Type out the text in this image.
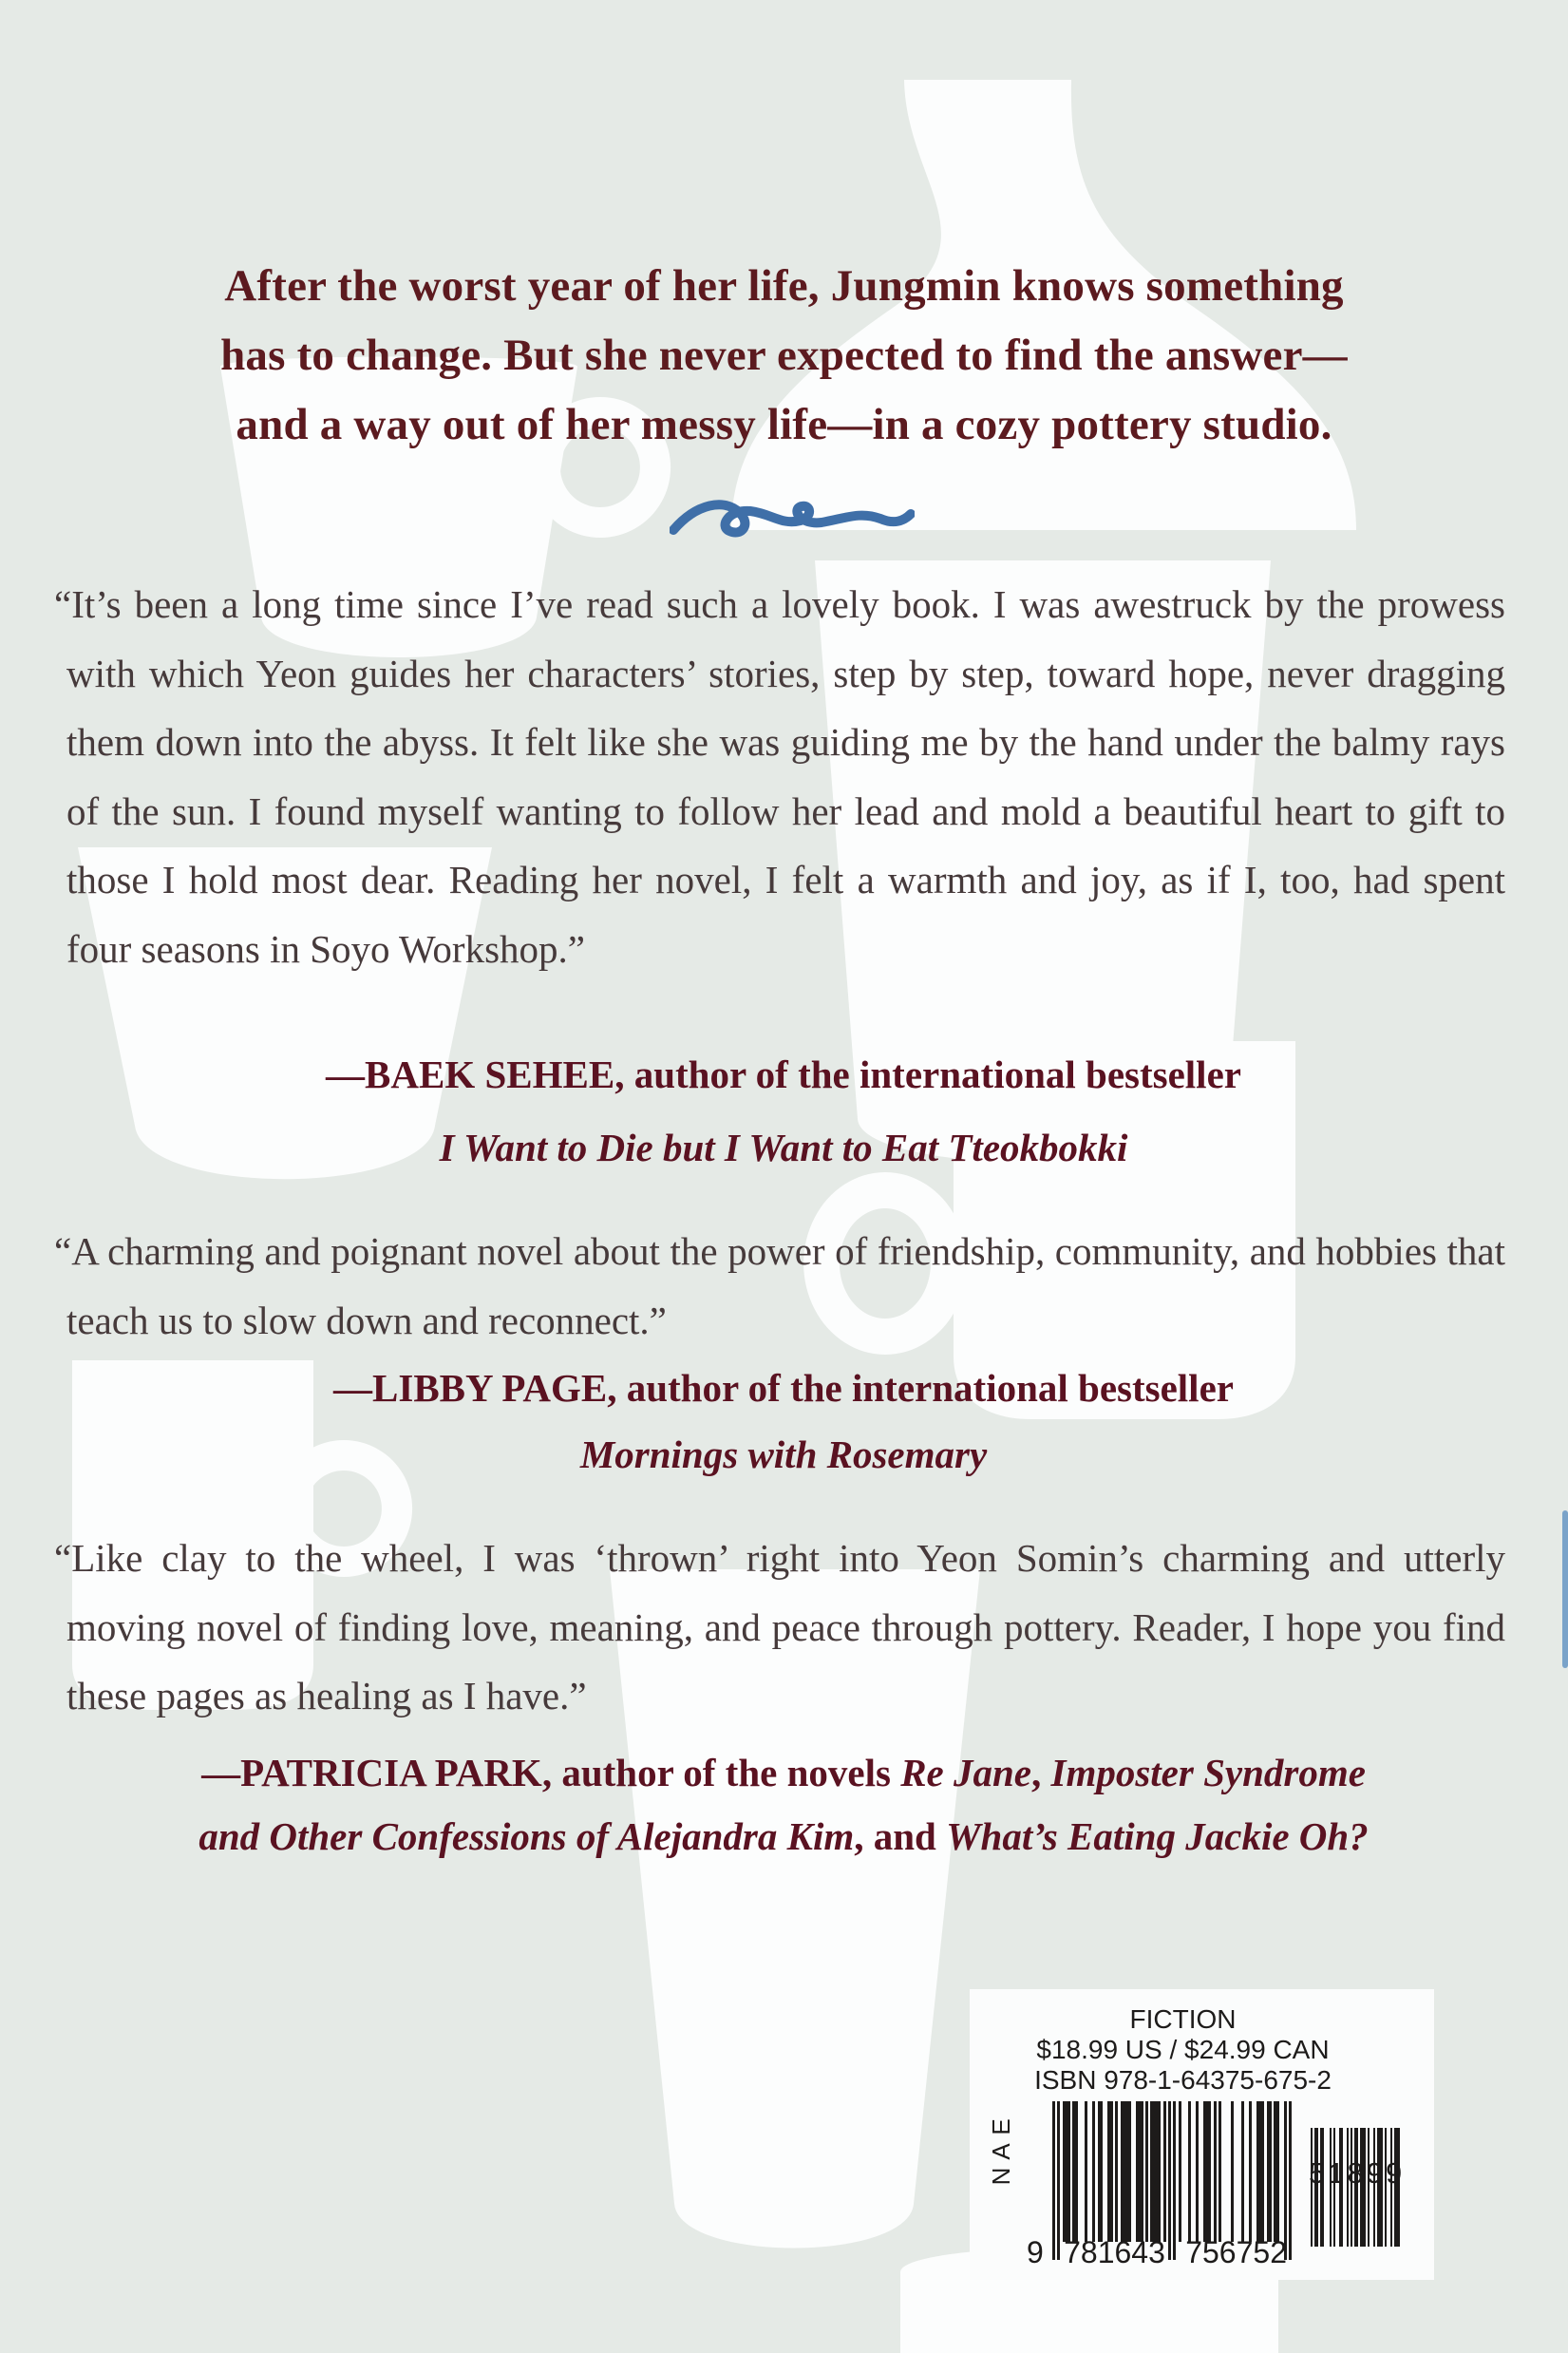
After the worst year of her life, Jungmin knows something
has to change. But she never expected to find the answer—
and a way out of her messy life—in a cozy pottery studio.

“It’s been a long time since I’ve read such a lovely book. I was awestruck by the prowess with which Yeon guides her characters’ stories, step by step, toward hope, never dragging them down into the abyss. It felt like she was guiding me by the hand under the balmy rays of the sun. I found myself wanting to follow her lead and mold a beautiful heart to gift to those I hold most dear. Reading her novel, I felt a warmth and joy, as if I, too, had spent four seasons in Soyo Workshop.”

—BAEK SEHEE, author of the international bestseller
I Want to Die but I Want to Eat Tteokbokki

“A charming and poignant novel about the power of friendship, community, and hobbies that teach us to slow down and reconnect.”

—LIBBY PAGE, author of the international bestseller
Mornings with Rosemary

“Like clay to the wheel, I was ‘thrown’ right into Yeon Somin’s charming and utterly moving novel of finding love, meaning, and peace through pottery. Reader, I hope you find these pages as healing as I have.”

—PATRICIA PARK, author of the novels Re Jane, Imposter Syndrome
and Other Confessions of Alejandra Kim, and What’s Eating Jackie Oh?
FICTION
$18.99 US / $24.99 CAN
ISBN 978-1-64375-675-2
E
A
N
9 781643 756752
51899
